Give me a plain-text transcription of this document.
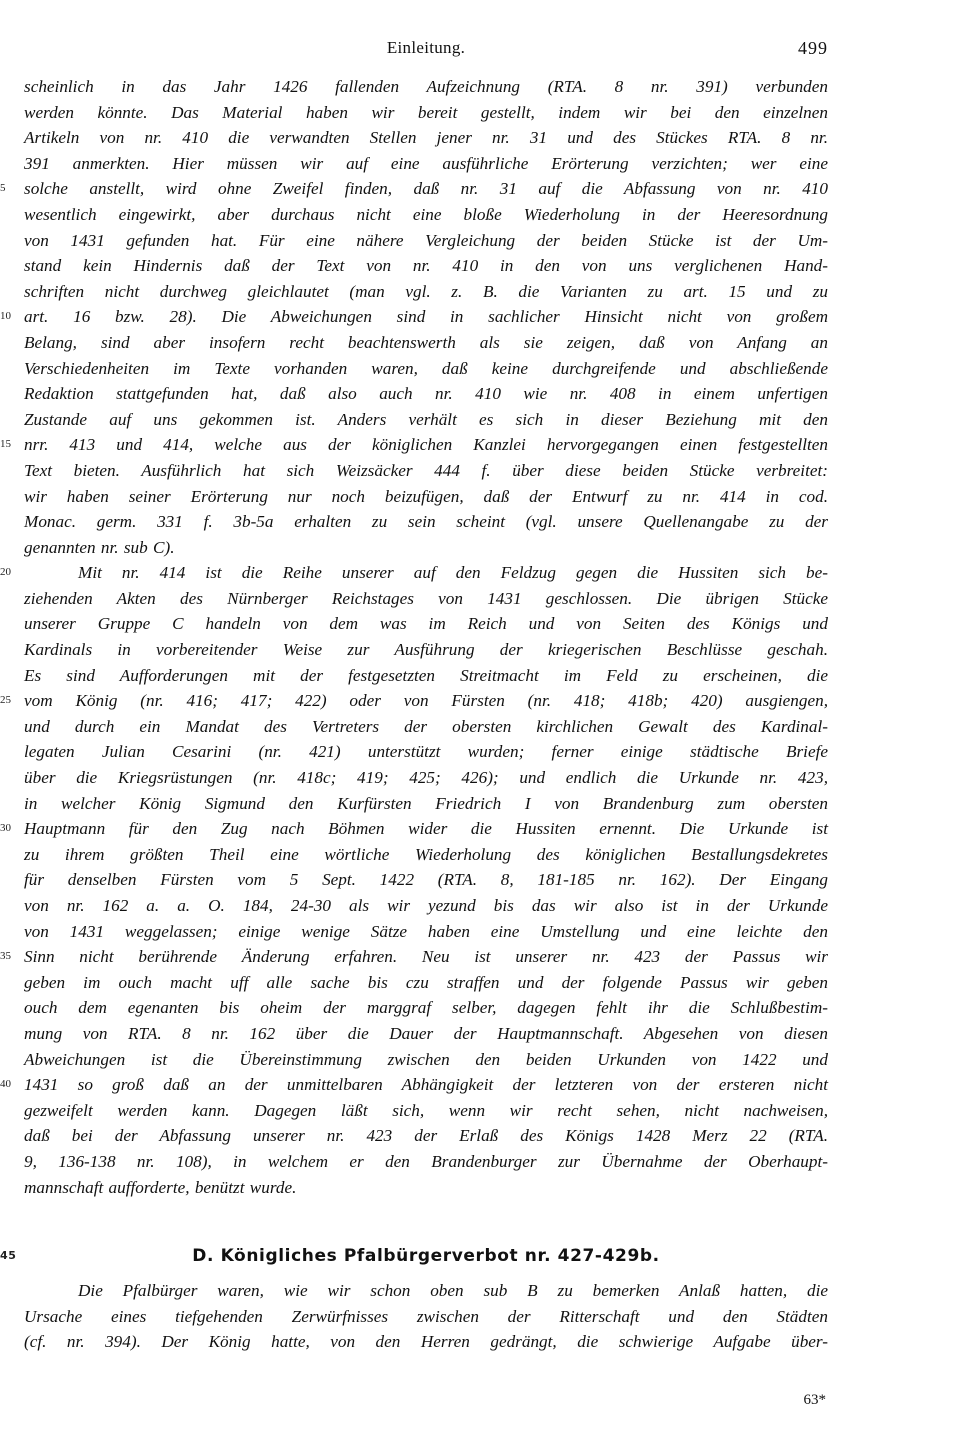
Einleitung.	499
scheinlich in das Jahr 1426 fallenden Aufzeichnung (RTA. 8 nr. 391) verbunden
werden könnte. Das Material haben wir bereit gestellt, indem wir bei den einzelnen
Artikeln von nr. 410 die verwandten Stellen jener nr. 31 und des Stückes RTA. 8 nr.
391 anmerkten. Hier müssen wir auf eine ausführliche Erörterung verzichten; wer eine
5	solche anstellt, wird ohne Zweifel finden, daß nr. 31 auf die Abfassung von nr. 410
wesentlich eingewirkt, aber durchaus nicht eine bloße Wiederholung in der Heeresordnung
von 1431 gefunden hat. Für eine nähere Vergleichung der beiden Stücke ist der Um-
stand kein Hindernis daß der Text von nr. 410 in den von uns verglichenen Hand-
schriften nicht durchweg gleichlautet (man vgl. z. B. die Varianten zu art. 15 und zu
10 art. 16 bzw. 28). Die Abweichungen sind in sachlicher Hinsicht nicht von großem
Belang, sind aber insofern recht beachtenswerth als sie zeigen, daß von Anfang an
Verschiedenheiten im Texte vorhanden waren, daß keine durchgreifende und abschließende
Redaktion stattgefunden hat, daß also auch nr. 410 wie nr. 408 in einem unfertigen
Zustande auf uns gekommen ist. Anders verhält es sich in dieser Beziehung mit den
15 nrr. 413 und 414, welche aus der königlichen Kanzlei hervorgegangen einen festgestellten
Text bieten. Ausführlich hat sich Weizsäcker 444 f. über diese beiden Stücke verbreitet:
wir haben seiner Erörterung nur noch beizufügen, daß der Entwurf zu nr. 414 in cod.
Monac. germ. 331 f. 3b-5a erhalten zu sein scheint (vgl. unsere Quellenangabe zu der
genannten nr. sub C).
20	Mit nr. 414 ist die Reihe unserer auf den Feldzug gegen die Hussiten sich be-
ziehenden Akten des Nürnberger Reichstages von 1431 geschlossen. Die übrigen Stücke
unserer Gruppe C handeln von dem was im Reich und von Seiten des Königs und
Kardinals in vorbereitender Weise zur Ausführung der kriegerischen Beschlüsse geschah.
Es sind Aufforderungen mit der festgesetzten Streitmacht im Feld zu erscheinen, die
25 vom König (nr. 416; 417; 422) oder von Fürsten (nr. 418; 418b; 420) ausgiengen,
und durch ein Mandat des Vertreters der obersten kirchlichen Gewalt des Kardinal-
legaten Julian Cesarini (nr. 421) unterstützt wurden; ferner einige städtische Briefe
über die Kriegsrüstungen (nr. 418c; 419; 425; 426); und endlich die Urkunde nr. 423,
in welcher König Sigmund den Kurfürsten Friedrich I von Brandenburg zum obersten
30 Hauptmann für den Zug nach Böhmen wider die Hussiten ernennt. Die Urkunde ist
zu ihrem größten Theil eine wörtliche Wiederholung des königlichen Bestallungsdekretes
für denselben Fürsten vom 5 Sept. 1422 (RTA. 8, 181-185 nr. 162). Der Eingang
von nr. 162 a. a. O. 184, 24-30 als wir yezund bis das wir also ist in der Urkunde
von 1431 weggelassen; einige wenige Sätze haben eine Umstellung und eine leichte den
35 Sinn nicht berührende Änderung erfahren. Neu ist unserer nr. 423 der Passus wir
geben im ouch macht uff alle sache bis czu straffen und der folgende Passus wir geben
ouch dem egenanten bis oheim der marggraf selber, dagegen fehlt ihr die Schlußbestim-
mung von RTA. 8 nr. 162 über die Dauer der Hauptmannschaft. Abgesehen von diesen
Abweichungen ist die Übereinstimmung zwischen den beiden Urkunden von 1422 und
40 1431 so groß daß an der unmittelbaren Abhängigkeit der letzteren von der ersteren nicht
gezweifelt werden kann. Dagegen läßt sich, wenn wir recht sehen, nicht nachweisen,
daß bei der Abfassung unserer nr. 423 der Erlaß des Königs 1428 Merz 22 (RTA.
9, 136-138 nr. 108), in welchem er den Brandenburger zur Übernahme der Oberhaupt-
mannschaft aufforderte, benützt wurde.
45	D. Königliches Pfalbürgerverbot nr. 427-429b.
Die Pfalbürger waren, wie wir schon oben sub B zu bemerken Anlaß hatten, die
Ursache eines tiefgehenden Zerwürfnisses zwischen der Ritterschaft und den Städten
(cf. nr. 394). Der König hatte, von den Herren gedrängt, die schwierige Aufgabe über-
63*
